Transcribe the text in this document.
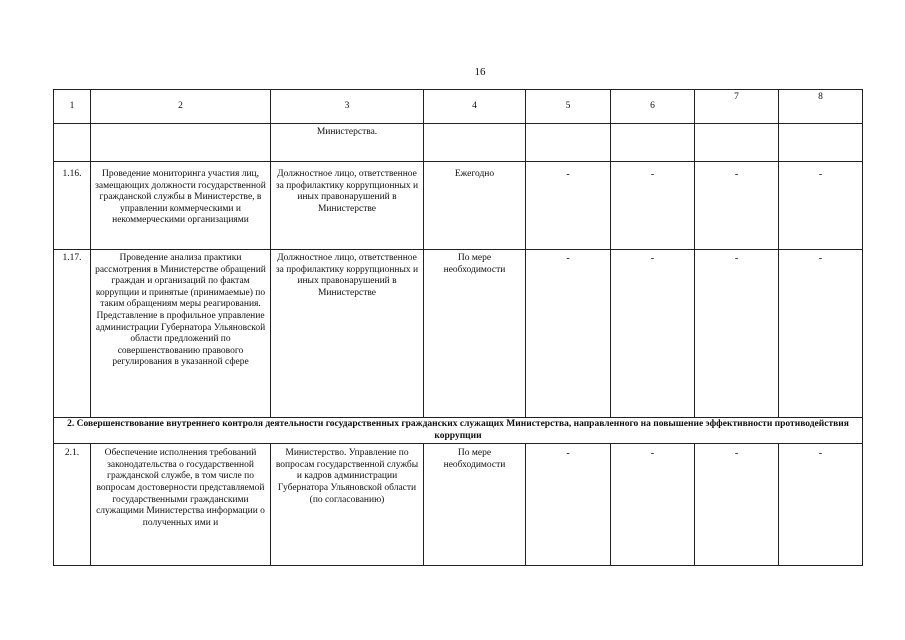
16
1	2	3	4	5	6	7	8
		Министерства.					
1.16.	Проведение мониторинга участия лиц, замещающих должности государственной гражданской службы в Министерстве, в управлении коммерческими и некоммерческими организациями	Должностное лицо, ответственное за профилактику коррупционных и иных правонарушений в Министерстве	Ежегодно	-	-	-	-
1.17.	Проведение анализа практики рассмотрения в Министерстве обращений граждан и организаций по фактам коррупции и принятые (принимаемые) по таким обращениям меры реагирования. Представление в профильное управление администрации Губернатора Ульяновской области предложений по совершенствованию правового регулирования в указанной сфере	Должностное лицо, ответственное за профилактику коррупционных и иных правонарушений в Министерстве	По мере необходимости	-	-	-	-
2. Совершенствование внутреннего контроля деятельности государственных гражданских служащих Министерства, направленного на повышение эффективности противодействия коррупции							
2.1.	Обеспечение исполнения требований законодательства о государственной гражданской службе, в том числе по вопросам достоверности представляемой государственными гражданскими служащими Министерства информации о полученных ими и	Министерство. Управление по вопросам государственной службы и кадров администрации Губернатора Ульяновской области (по согласованию)	По мере необходимости	-	-	-	-
